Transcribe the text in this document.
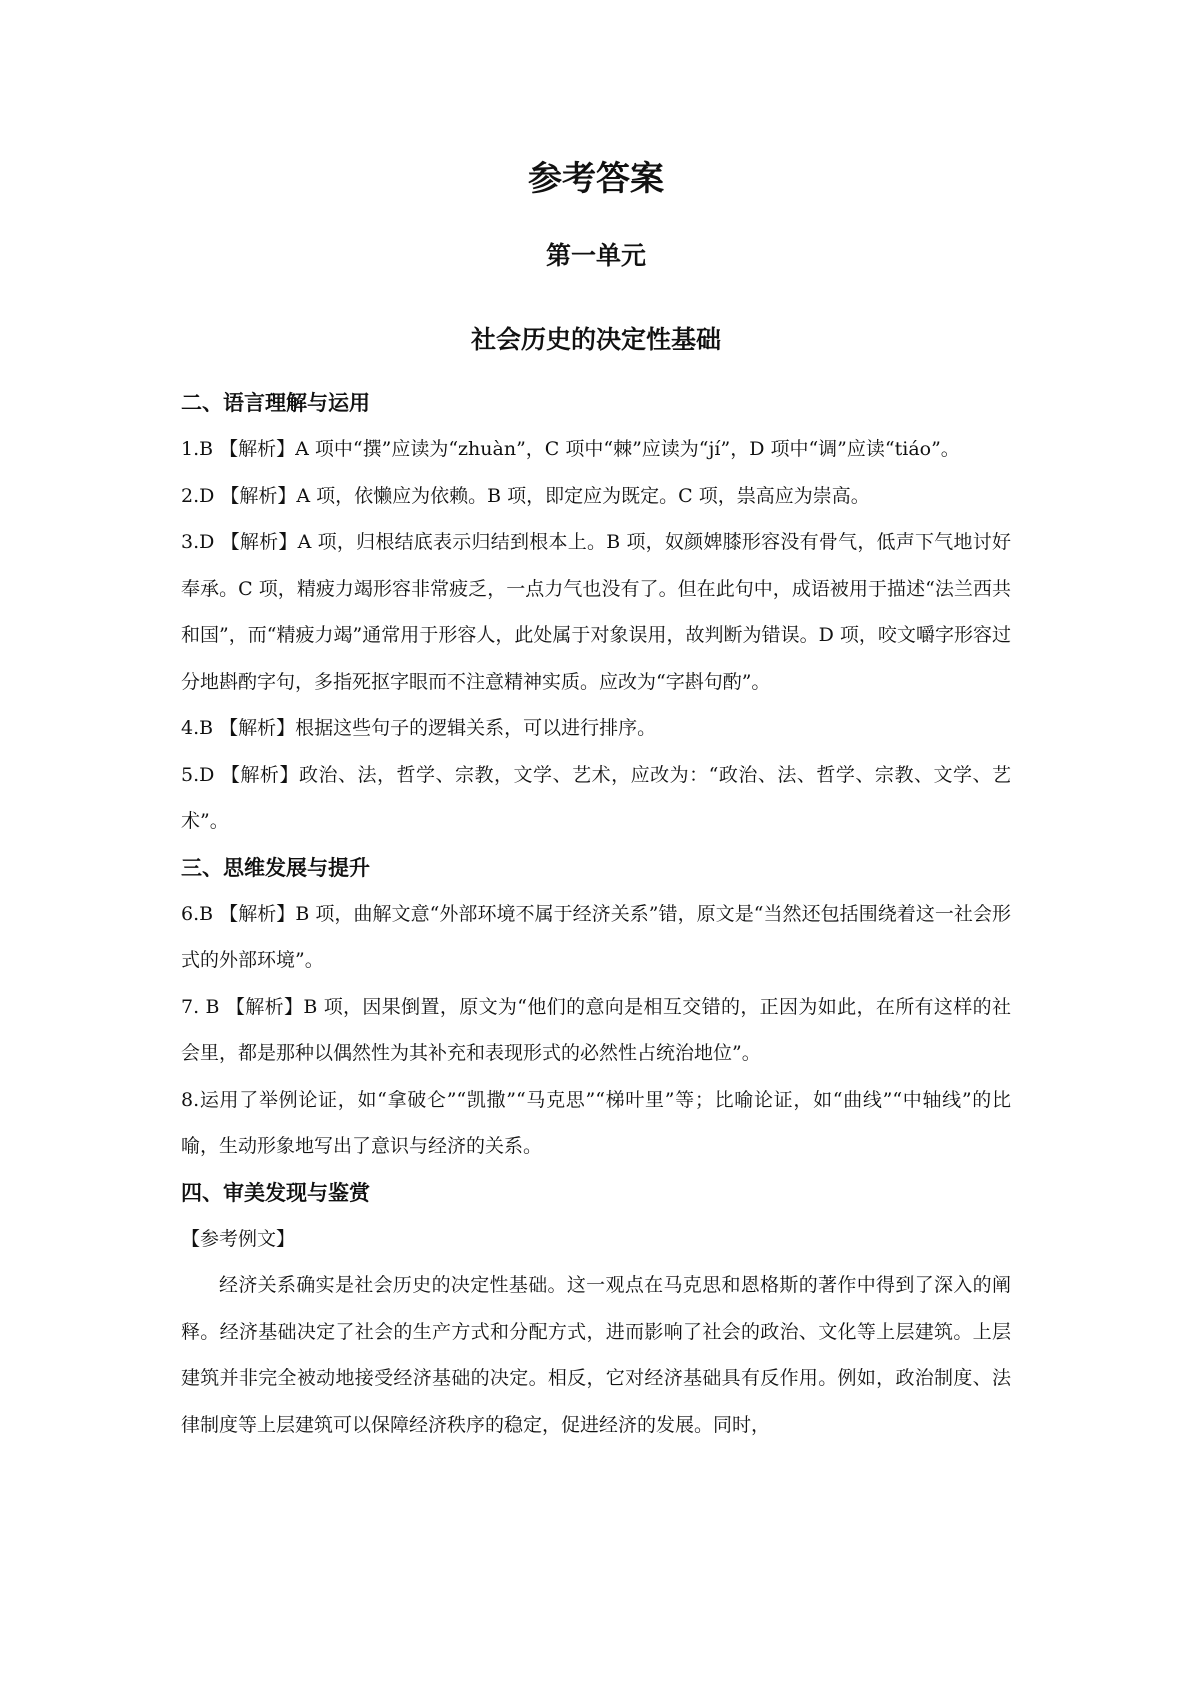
参考答案
第一单元
社会历史的决定性基础
二、语言理解与运用
1.B 【解析】A 项中“撰”应读为“zhuàn”，C 项中“棘”应读为“jí”，D 项中“调”应读“tiáo”。
2.D 【解析】A 项，依懒应为依赖。B 项，即定应为既定。C 项，祟高应为崇高。
3.D 【解析】A 项，归根结底表示归结到根本上。B 项，奴颜婢膝形容没有骨气，低声下气地讨好奉承。C 项，精疲力竭形容非常疲乏，一点力气也没有了。但在此句中，成语被用于描述“法兰西共和国”，而“精疲力竭”通常用于形容人，此处属于对象误用，故判断为错误。D 项，咬文嚼字形容过分地斟酌字句，多指死抠字眼而不注意精神实质。应改为“字斟句酌”。
4.B 【解析】根据这些句子的逻辑关系，可以进行排序。
5.D 【解析】政治、法，哲学、宗教，文学、艺术，应改为：“政治、法、哲学、宗教、文学、艺术”。
三、思维发展与提升
6.B 【解析】B 项，曲解文意“外部环境不属于经济关系”错，原文是“当然还包括围绕着这一社会形式的外部环境”。
7. B 【解析】B 项，因果倒置，原文为“他们的意向是相互交错的，正因为如此，在所有这样的社会里，都是那种以偶然性为其补充和表现形式的必然性占统治地位”。
8.运用了举例论证，如“拿破仑”“凯撒”“马克思”“梯叶里”等；比喻论证，如“曲线”“中轴线”的比喻，生动形象地写出了意识与经济的关系。
四、审美发现与鉴赏
【参考例文】
经济关系确实是社会历史的决定性基础。这一观点在马克思和恩格斯的著作中得到了深入的阐释。经济基础决定了社会的生产方式和分配方式，进而影响了社会的政治、文化等上层建筑。上层建筑并非完全被动地接受经济基础的决定。相反，它对经济基础具有反作用。例如，政治制度、法律制度等上层建筑可以保障经济秩序的稳定，促进经济的发展。同时，
